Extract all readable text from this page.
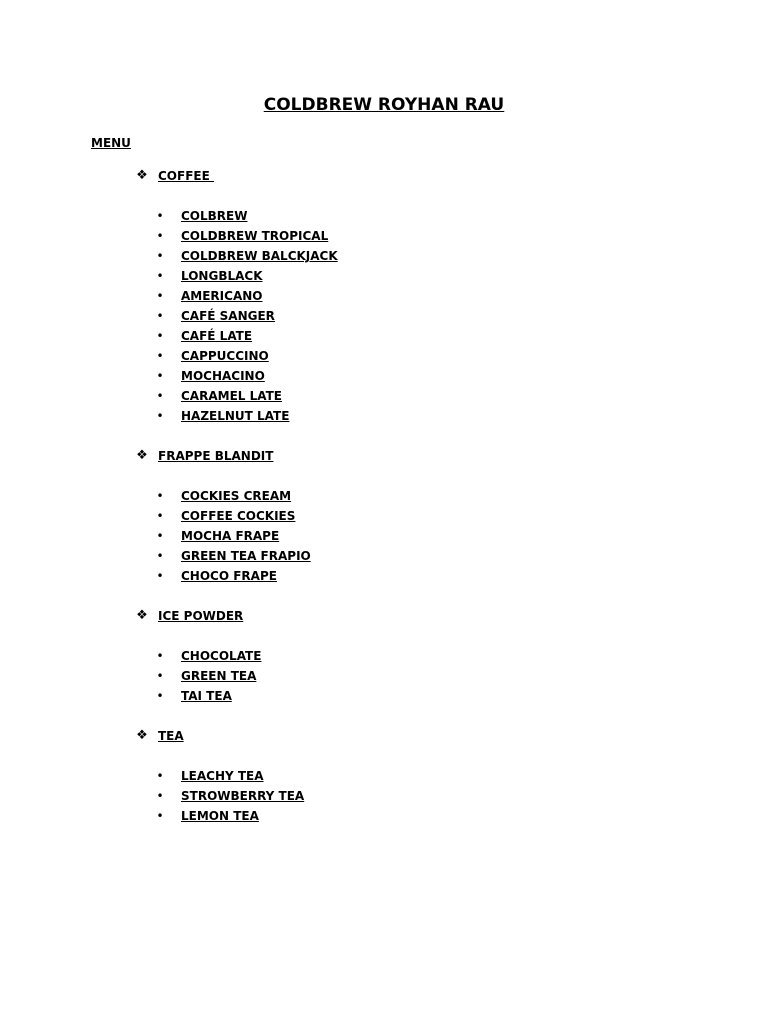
COLDBREW ROYHAN RAU
MENU
❖ COFFEE
• COLBREW
• COLDBREW TROPICAL
• COLDBREW BALCKJACK
• LONGBLACK
• AMERICANO
• CAFÉ SANGER
• CAFÉ LATE
• CAPPUCCINO
• MOCHACINO
• CARAMEL LATE
• HAZELNUT LATE
❖ FRAPPE BLANDIT
• COCKIES CREAM
• COFFEE COCKIES
• MOCHA FRAPE
• GREEN TEA FRAPIO
• CHOCO FRAPE
❖ ICE POWDER
• CHOCOLATE
• GREEN TEA
• TAI TEA
❖ TEA
• LEACHY TEA
• STROWBERRY TEA
• LEMON TEA
